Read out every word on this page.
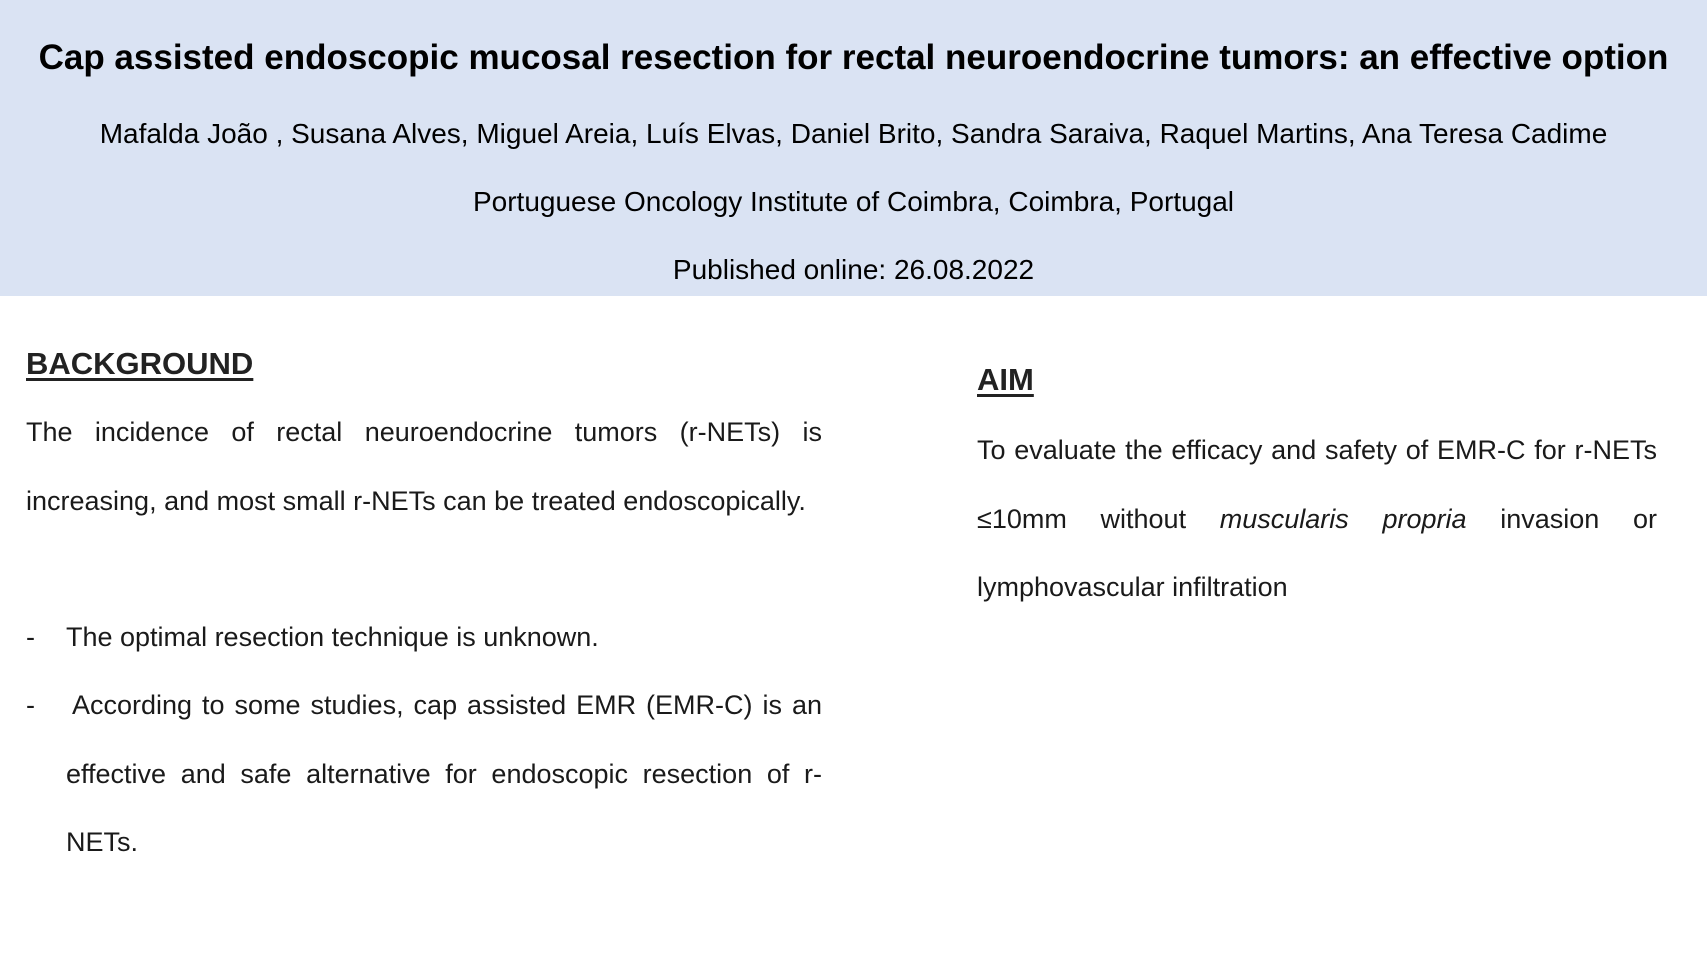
Cap assisted endoscopic mucosal resection for rectal neuroendocrine tumors: an effective option
Mafalda João , Susana Alves, Miguel Areia, Luís Elvas, Daniel Brito, Sandra Saraiva, Raquel Martins, Ana Teresa Cadime
Portuguese Oncology Institute of Coimbra, Coimbra, Portugal
Published online: 26.08.2022
BACKGROUND
The incidence of rectal neuroendocrine tumors (r-NETs) is increasing, and most small r-NETs can be treated endoscopically.
- The optimal resection technique is unknown.
- According to some studies, cap assisted EMR (EMR-C) is an effective and safe alternative for endoscopic resection of r-NETs.
AIM
To evaluate the efficacy and safety of EMR-C for r-NETs ≤10mm without muscularis propria invasion or lymphovascular infiltration
